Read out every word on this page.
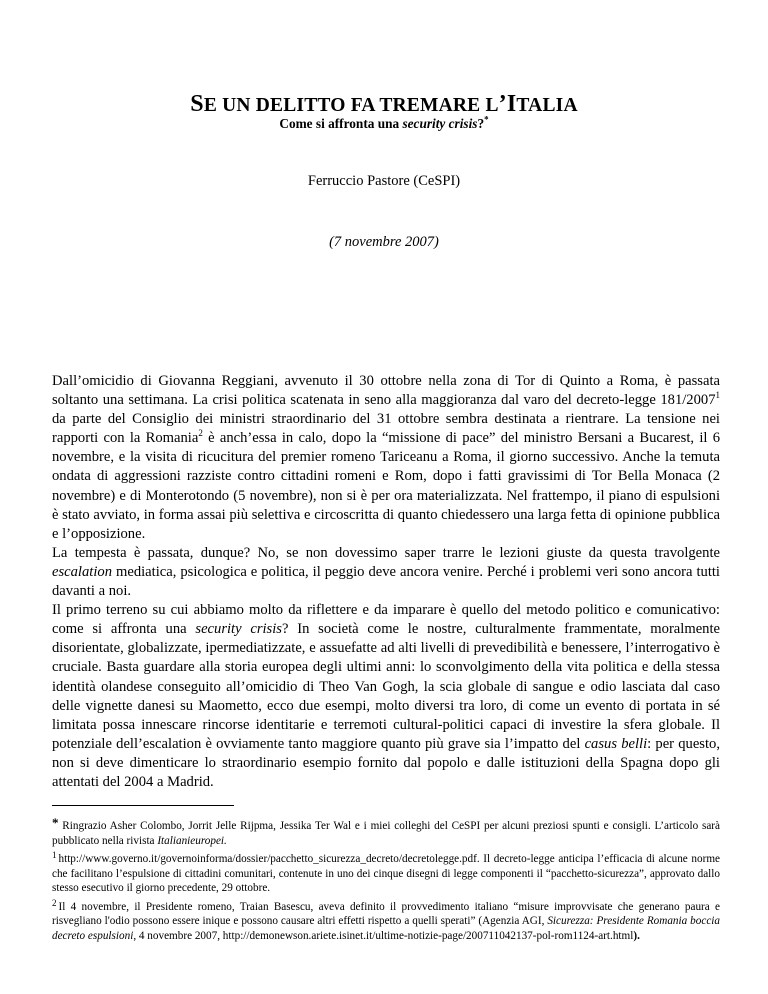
SE UN DELITTO FA TREMARE L’ITALIA
Come si affronta una security crisis?*
Ferruccio Pastore (CeSPI)
(7 novembre 2007)

Dall’omicidio di Giovanna Reggiani, avvenuto il 30 ottobre nella zona di Tor di Quinto a Roma, è passata soltanto una settimana. La crisi politica scatenata in seno alla maggioranza dal varo del decreto-legge 181/2007$^1$ da parte del Consiglio dei ministri straordinario del 31 ottobre sembra destinata a rientrare. La tensione nei rapporti con la Romania$^2$ è anch’essa in calo, dopo la “missione di pace” del ministro Bersani a Bucarest, il 6 novembre, e la visita di ricucitura del premier romeno Tariceanu a Roma, il giorno successivo. Anche la temuta ondata di aggressioni razziste contro cittadini romeni e Rom, dopo i fatti gravissimi di Tor Bella Monaca (2 novembre) e di Monterotondo (5 novembre), non si è per ora materializzata. Nel frattempo, il piano di espulsioni è stato avviato, in forma assai più selettiva e circoscritta di quanto chiedessero una larga fetta di opinione pubblica e l’opposizione.

La tempesta è passata, dunque? No, se non dovessimo saper trarre le lezioni giuste da questa travolgente escalation mediatica, psicologica e politica, il peggio deve ancora venire. Perché i problemi veri sono ancora tutti davanti a noi.

Il primo terreno su cui abbiamo molto da riflettere e da imparare è quello del metodo politico e comunicativo: come si affronta una security crisis? In società come le nostre, culturalmente frammentate, moralmente disorientate, globalizzate, ipermediatizzate, e assuefatte ad alti livelli di prevedibilità e benessere, l’interrogativo è cruciale. Basta guardare alla storia europea degli ultimi anni: lo sconvolgimento della vita politica e della stessa identità olandese conseguito all’omicidio di Theo Van Gogh, la scia globale di sangue e odio lasciata dal caso delle vignette danesi su Maometto, ecco due esempi, molto diversi tra loro, di come un evento di portata in sé limitata possa innescare rincorse identitarie e terremoti cultural-politici capaci di investire la sfera globale. Il potenziale dell’escalation è ovviamente tanto maggiore quanto più grave sia l’impatto del casus belli: per questo, non si deve dimenticare lo straordinario esempio fornito dal popolo e dalle istituzioni della Spagna dopo gli attentati del 2004 a Madrid.

* Ringrazio Asher Colombo, Jorrit Jelle Rijpma, Jessika Ter Wal e i miei colleghi del CeSPI per alcuni preziosi spunti e consigli. L’articolo sarà pubblicato nella rivista Italianieuropei.

$^1$ http://www.governo.it/governoinforma/dossier/pacchetto_sicurezza_decreto/decretolegge.pdf. Il decreto-legge anticipa l’efficacia di alcune norme che facilitano l’espulsione di cittadini comunitari, contenute in uno dei cinque disegni di legge componenti il “pacchetto-sicurezza”, approvato dallo stesso esecutivo il giorno precedente, 29 ottobre.

$^2$ Il 4 novembre, il Presidente romeno, Traian Basescu, aveva definito il provvedimento italiano “misure improvvisate che generano paura e risvegliano l'odio possono essere inique e possono causare altri effetti rispetto a quelli sperati” (Agenzia AGI, Sicurezza: Presidente Romania boccia decreto espulsioni, 4 novembre 2007, http://demonewson.ariete.isinet.it/ultime-notizie-page/200711042137-pol-rom1124-art.html).
